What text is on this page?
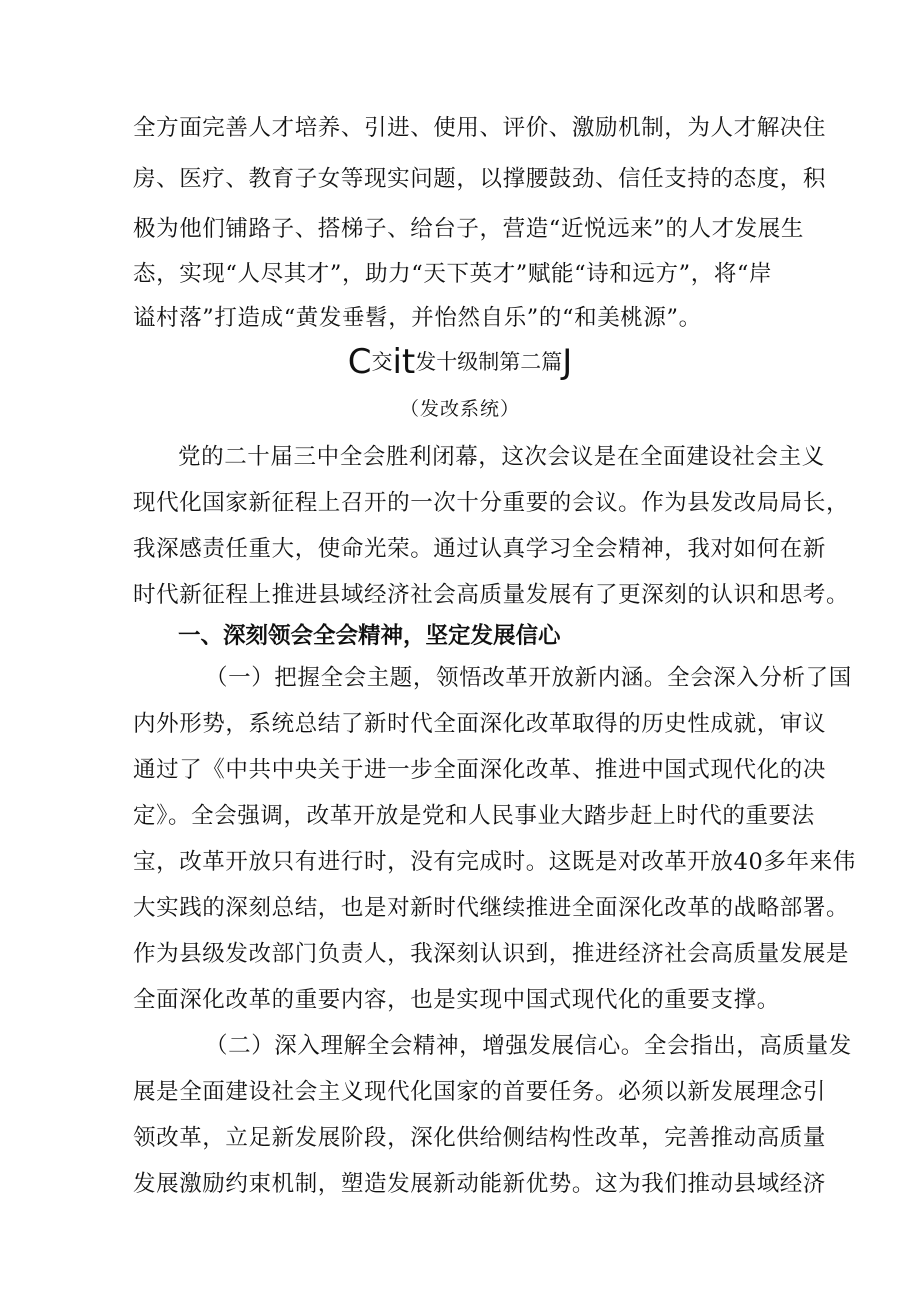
全方面完善人才培养、引进、使用、评价、激励机制，为人才解决住
房、医疗、教育子女等现实问题，以撑腰鼓劲、信任支持的态度，积
极为他们铺路子、搭梯子、给台子，营造“近悦远来”的人才发展生
态，实现“人尽其才”，助力“天下英才”赋能“诗和远方”，将“岸
谥村落”打造成“黄发垂髫，并怡然自乐”的“和美桃源”。
C交it发十级制第二篇J
（发改系统）
党的二十届三中全会胜利闭幕，这次会议是在全面建设社会主义
现代化国家新征程上召开的一次十分重要的会议。作为县发改局局长，
我深感责任重大，使命光荣。通过认真学习全会精神，我对如何在新
时代新征程上推进县域经济社会高质量发展有了更深刻的认识和思考。
一、深刻领会全会精神，坚定发展信心
（一）把握全会主题，领悟改革开放新内涵。全会深入分析了国
内外形势，系统总结了新时代全面深化改革取得的历史性成就，审议
通过了《中共中央关于进一步全面深化改革、推进中国式现代化的决
定》。全会强调，改革开放是党和人民事业大踏步赶上时代的重要法
宝，改革开放只有进行时，没有完成时。这既是对改革开放40多年来伟
大实践的深刻总结，也是对新时代继续推进全面深化改革的战略部署。
作为县级发改部门负责人，我深刻认识到，推进经济社会高质量发展是
全面深化改革的重要内容，也是实现中国式现代化的重要支撑。
（二）深入理解全会精神，增强发展信心。全会指出，高质量发
展是全面建设社会主义现代化国家的首要任务。必须以新发展理念引
领改革，立足新发展阶段，深化供给侧结构性改革，完善推动高质量
发展激励约束机制，塑造发展新动能新优势。这为我们推动县域经济
